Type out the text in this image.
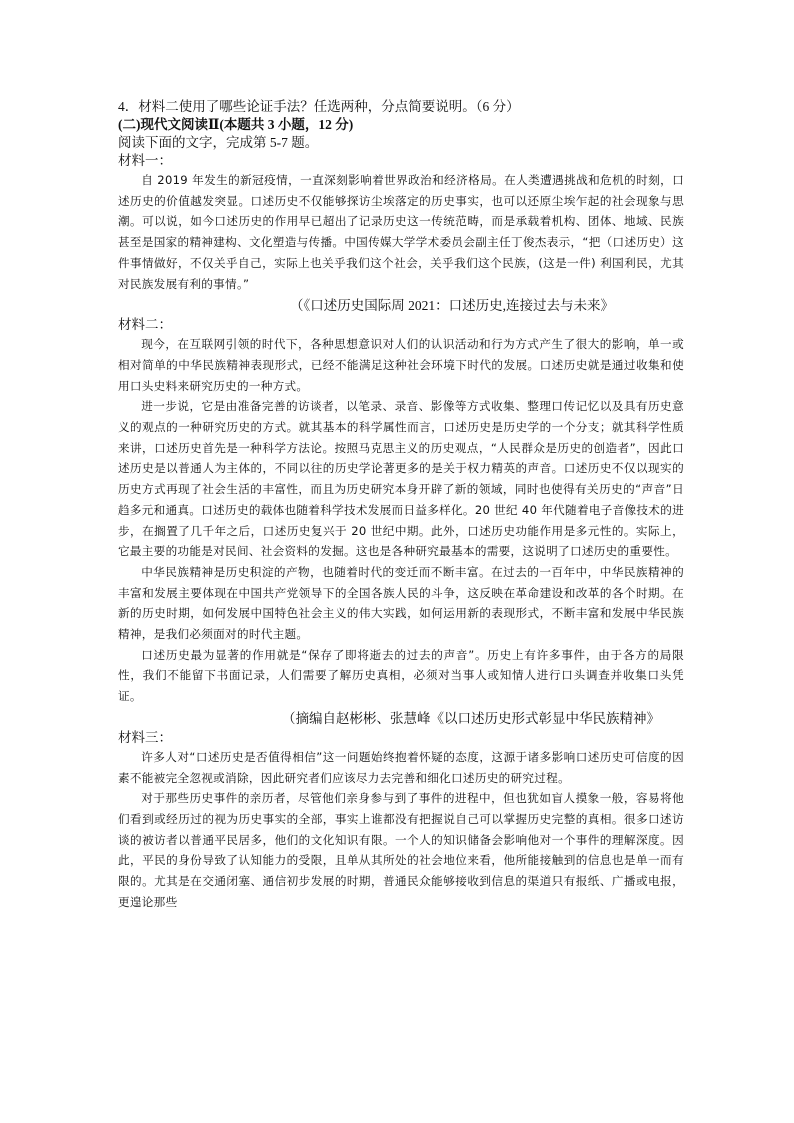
4．材料二使用了哪些论证手法？任选两种，分点简要说明。（6 分）

(二)现代文阅读Ⅱ(本题共 3 小题，12 分)

阅读下面的文字，完成第 5-7 题。

材料一：

自 2019 年发生的新冠疫情，一直深刻影响着世界政治和经济格局。在人类遭遇挑战和危机的时刻，口述历史的价值越发突显。口述历史不仅能够探访尘埃落定的历史事实，也可以还原尘埃乍起的社会现象与思潮。可以说，如今口述历史的作用早已超出了记录历史这一传统范畴，而是承载着机构、团体、地域、民族甚至是国家的精神建构、文化塑造与传播。中国传媒大学学术委员会副主任丁俊杰表示，“把（口述历史）这件事情做好，不仅关乎自己，实际上也关乎我们这个社会，关乎我们这个民族，(这是一件) 利国利民，尤其对民族发展有利的事情。”

（《口述历史国际周 2021：口述历史,连接过去与未来》

材料二：

现今，在互联网引领的时代下，各种思想意识对人们的认识活动和行为方式产生了很大的影响，单一或相对简单的中华民族精神表现形式，已经不能满足这种社会环境下时代的发展。口述历史就是通过收集和使用口头史料来研究历史的一种方式。

进一步说，它是由准备完善的访谈者，以笔录、录音、影像等方式收集、整理口传记忆以及具有历史意义的观点的一种研究历史的方式。就其基本的科学属性而言，口述历史是历史学的一个分支；就其科学性质来讲，口述历史首先是一种科学方法论。按照马克思主义的历史观点，“人民群众是历史的创造者”，因此口述历史是以普通人为主体的，不同以往的历史学论著更多的是关于权力精英的声音。口述历史不仅以现实的历史方式再现了社会生活的丰富性，而且为历史研究本身开辟了新的领域，同时也使得有关历史的“声音”日趋多元和通真。口述历史的载体也随着科学技术发展而日益多样化。20 世纪 40 年代随着电子音像技术的进步，在搁置了几千年之后，口述历史复兴于 20 世纪中期。此外，口述历史功能作用是多元性的。实际上，它最主要的功能是对民间、社会资料的发掘。这也是各种研究最基本的需要，这说明了口述历史的重要性。

中华民族精神是历史积淀的产物，也随着时代的变迁而不断丰富。在过去的一百年中，中华民族精神的丰富和发展主要体现在中国共产党领导下的全国各族人民的斗争，这反映在革命建设和改革的各个时期。在新的历史时期，如何发展中国特色社会主义的伟大实践，如何运用新的表现形式，不断丰富和发展中华民族精神，是我们必须面对的时代主题。

口述历史最为显著的作用就是“保存了即将逝去的过去的声音”。历史上有许多事件，由于各方的局限性，我们不能留下书面记录，人们需要了解历史真相，必须对当事人或知情人进行口头调查并收集口头凭证。

（摘编自赵彬彬、张慧峰《以口述历史形式彰显中华民族精神》

材料三：

许多人对“口述历史是否值得相信”这一问题始终抱着怀疑的态度，这源于诸多影响口述历史可信度的因素不能被完全忽视或消除，因此研究者们应该尽力去完善和细化口述历史的研究过程。

对于那些历史事件的亲历者，尽管他们亲身参与到了事件的进程中，但也犹如盲人摸象一般，容易将他们看到或经历过的视为历史事实的全部，事实上谁都没有把握说自己可以掌握历史完整的真相。很多口述访谈的被访者以普通平民居多，他们的文化知识有限。一个人的知识储备会影响他对一个事件的理解深度。因此，平民的身份导致了认知能力的受限，且单从其所处的社会地位来看，他所能接触到的信息也是单一而有限的。尤其是在交通闭塞、通信初步发展的时期，普通民众能够接收到信息的渠道只有报纸、广播或电报，更遑论那些
